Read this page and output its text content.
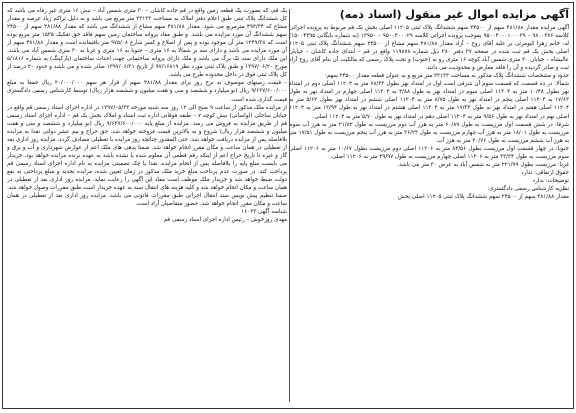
آگهی مزایده اموال غیر منقول (اسناد ذمه)

آگهی مزایده مقدار ۴۸۱/۸۸ سهم از ۲۴۵۰۰ سهم ششدانگ پلاک ثبتی ۱۱۲۰۵ اصلی بخش یک قم مربوط به پرونده اجرائی کلاسه ۹۸۰۰۳۷۶ – ۹۵۰۰۴۰۰۰۱۰۰۰۲۹ بموجب پرونده اجرائی کلاسه ۹۵۰۰۴۰۰۰۲۹ – ۱۳۹۵۰ (به شماره بایگانی ۱۵۰۰۴۳۹۵) له: خانم زهرا کیومرثی بر علیه آقای روح – آزاد مقدار ۴۸۱/۸۸ سهم مشاع از ۲۴۵۰۰ سهم ششدانگ پلاک ثبتی ۱۱۲۰۵ اصلی بخش یک قم ثبت شده در صفحه ۲۷ دفتر ۲۸۰ ذیل شماره ۱۱۹۸۷۸ واقع در قم – ابتدای جاده کاشان – خیابان عالیشاه – خیابان ۳۰ متری شمس آباد کوچه ۱۶ متری رو به (جنوب) و تحت پلاک رسمی که مالکیت آن بنام آقای روح آزاد ثبت و صادر گردیده و آن را فاقد معارض و محدودیت می دانند.

حدود و مشخصات ششدانگ پلاک مذکور به مساحت ۲۳۱۳۳ متر مربع و به عنوان قطعه مقدار ۲۴۵۰۰ سهم:

شمالا: در ده قسمت که قسمت سوم آن شرقی است اول در امتداد نهر بطول ۷۸/۳۳ متر به ۱۱۲۰۴ اصلی دوم در امتداد نهر بطول ۱۰/۴۸ متر به ۱۱۲۰۴ اصلی سوم در امتداد نهر به طول ۴/۸۸ به ۱۱۲۰۴ اصلی چهارم در امتداد نهر به طول ۱۷/۶۳ به ۱۱۲۰۴ اصلی پنجم در امتداد نهر به طول ۸/۷۵ متر به ۱۱۲۰۴ اصلی ششم در امتداد نهر بطول ۵/۶۲ متر به ۱۱۲۰۴ اصلی هفتم در امتداد نهر به طول ۱۷/۳۳ متر به ۱۱۲۰۴ اصلی هشتم در امتداد نهر به طول ۱۳/۹۴ متر به ۱۱۲۰۴ اصلی نهم در امتداد نهر به طول ۹/۵۶ متر به ۱۱۲۰۴ اصلی دهم در امتداد نهر به طول ۵/۷۰ متر به ۱۱۲۰۴ اصلی.

شرقا: در شش قسمت اول مرزیست به طول ۶۰/۸۹ متر به هرز آب دوم مرزیست به طول ۲۱/۸۲ متر به هرز آب سوم مرزیست به طول ۱۸/۰۱ متر به هرز آب چهارم مرزیست به طول ۳۶/۲۳ متر به هرز آب پنجم مرزیست به طول ۱۷/۵۱ متر به هرز آب ششم مرزیست به طول ۳۰/۷۶ متر به هرز آب.

جنوبا: در چهار قسمت اول مرزیست بطول ۸۴/۵۶ متر به ۱۱۲۰۶ اصلی دوم مرزیست بطول ۱۰/۶۷ متر به ۱۱۲۰۶ اصلی سوم مرزیست به طول ۳۳/۳۴ متر به ۱۱۲۰۶ اصلی چهارم مرزیست به طول ۴۹/۹۷ متر به ۱۱۲۰۶ اصلی.

غربا: مرزیست بطول ۲۲۱/۹۹ متر به شمس آباد به عرض ۳۰ متر می باشد.

حقوق ارتفاقی: ندارد

توضیحات: ندارد

نظریه کارشناس رسمی دادگستری:

مقدار ۴۸۱/۸۸ سهم از ۲۴۵۰۰ سهم ششدانگ پلاک ثبتی ۱۱۲۰۵ اصلی بخش

یک قم، که بصورت یک قطعه زمین واقع در قم جاده کاشان – ۳۰ متری شمس آباد – نبش ۱۶ متری غیر رفاه می باشد که کل ششدانگ پلاک ثبتی طبق اعلام دفتر املاک به مساحت ۲۳۱۳۳ متر مربع می باشد و به دلیل تراکم زیاد عرصه و مقدار مشاع که ۴۹۳/۳۴ مترمربع می شود. مقدار ۴۸۱/۸۸ سهم مشاع از ششدانگ می باشد که مقدار ۴۸۱/۸۸ سهم از ۲۴۵۰۰ سهم ششدانگ آن مورد مزایده می باشد. و طبق مفاد پروانه ساختمان زمین سهم فاقد حق تفکیک ۱۵۳۵ متر مربع بوده است که ۱۲۴۹/۳۸ متر آن موجود بوده و پس از اصلاح و کسر شارع ۹۷۵/۰۸ متر باقیمانده است و مقدار ۴۸۱/۸۸ سهم از آن مورد مزایده می باشد و دارای سه بر شمالا به ۱۶ متری – جنوبا به ۱۶ متری و غربا به ۳۰ متری شمس آباد می باشد. این ملک دارای سند تک برگ می باشد و ملک دارای پروانه ساختمانی جهت احداث ساختمان (پارکینگ) به شماره ۵/۱۸۱۶ مورخ ۱۳۹۷/۰۶/۲۰ و طبق پلاک ثبتی مورد نظر ۹۷/۱۶۸۱۹ از تاریخ ۱۳۹۷/۰۶/۲۱ صادر شده و می باشد و حدود ۲۰ درصد از کل پلاک ثبتی فوق در داخل محدوده طرح می باشد.

– قیمت زمینهای موصوف به نرخ روز برای مقدار ۴۸۱/۸۸ سهم از قرار هر سهم ۲۰/۰۰۰/۰۰۰ ریال جمعا به مبلغ ۹/۶۳۷/۶۰۰/۰۰۰ ریال (نو میلیارد و ششصد و سی و هفت میلیون و ششصد هزار ریال) توسط کارشناس رسمی دادگستری قیمت گذاری شده است.

از مزایده ملک مذکور از ساعت ۹ صبح الی ۱۲ روز سه شنبه مورخه ۱۳۹۷/۰۵/۲۳ در اداره اجرای اسناد رسمی قم واقع در خیابان ساحلی (لواسانی) نبش کوچه ۷ – طبقه فوقانی اداره ثبت اسناد و املاک بخش یک قم – اداره اجرای اسناد رسمی قم از طریق مزایده به فروش می رسد. مزایده از مبلغ پایه ۹/۶۳۷/۶۰۰/۰۰۰ ریال (نو میلیارد و ششصد و سی و هفت میلیون و ششصد هزار ریال) شروع و به بالاترین قیمت فروخته خواهد شد. حق حراج و نیم عشر دولتی نقدا به مزایده بلافاصله پس از مزایده دریافت خواهد شد. حتی المقدور چنانچه روز مزایده با تعطیلی مصادف گردد، مزایده روز اداری بعد از تعطیلی در همان ساعت و مکان مقرر انجام خواهد شد. ضمنا بدهی های ملک اعم از عوارض شهرداری و آب و برق و گاز و غیره تا تاریخ حراج اعم از اینکه رقم قطعی آن معلوم شده یا نشده باشد به عهده برنده مزایده خواهد بود. خریدار می بایست مبلغ پایه را بلافاصله پس از انجام مزایده، نقدا یا چک تضمینی مزایده به نام اداره اجرای اسناد رسمی قم پرداخت کند. در صورت عدم پرداخت مبلغ خرید ملک مذکور در زمان تعیین شده، مزایده تجدید و مبلغ پرداختی به نفع دولت ضبط خواهد شد و خریدار ملک موظف است مفاد این آگهی را رعایت نماید. مزایده روز اداری بعد از تعطیلی در همان ساعت و مکان انجام خواهد شد و کلیه هزینه های انتقال سند به عهده خریدار است طبق مقررات وصول خواهد شد. ضمنا تنظیم پیش نویس سند انتقال اجرائی طبق مقررات قانونی می باشد. مزایده روز اداری بعد از تعطیلی در همان ساعت و مکان مقرر انجام خواهد شد. حضور متقاضیان آزاد است.

شناسه آگهی ۱۶۰۳۳

مهدی روزخوش – رئیس اداره اجرای اسناد رسمی قم
